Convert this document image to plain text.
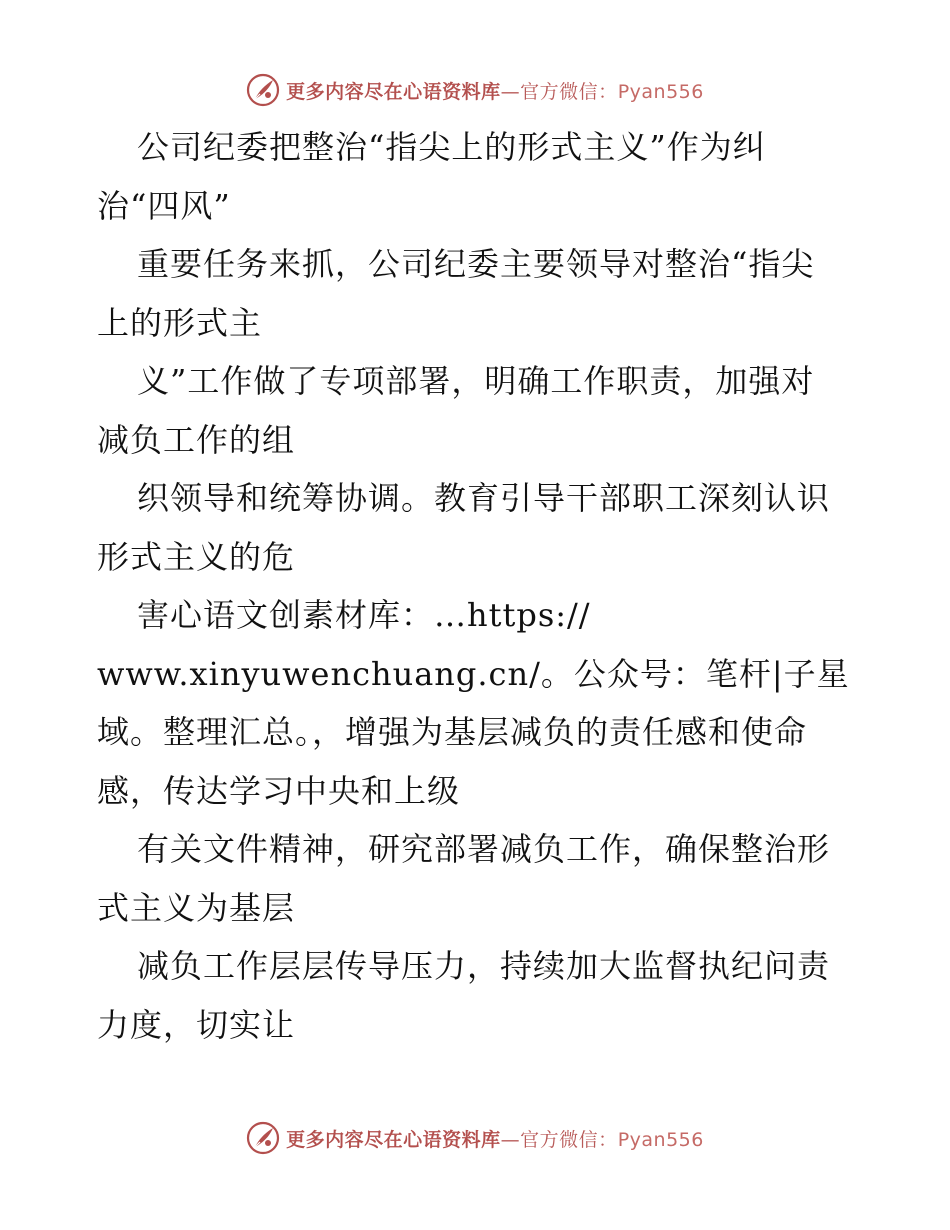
更多内容尽在心语资料库—官方微信：Pyan556
公司纪委把整治“指尖上的形式主义”作为纠
治“四风”
重要任务来抓，公司纪委主要领导对整治“指尖
上的形式主
义”工作做了专项部署，明确工作职责，加强对
减负工作的组
织领导和统筹协调。教育引导干部职工深刻认识
形式主义的危
害心语文创素材库：…https://
www.xinyuwenchuang.cn/。公众号：笔杆|子星
域。整理汇总。，增强为基层减负的责任感和使命
感，传达学习中央和上级
有关文件精神，研究部署减负工作，确保整治形
式主义为基层
减负工作层层传导压力，持续加大监督执纪问责
力度，切实让
更多内容尽在心语资料库—官方微信：Pyan556
